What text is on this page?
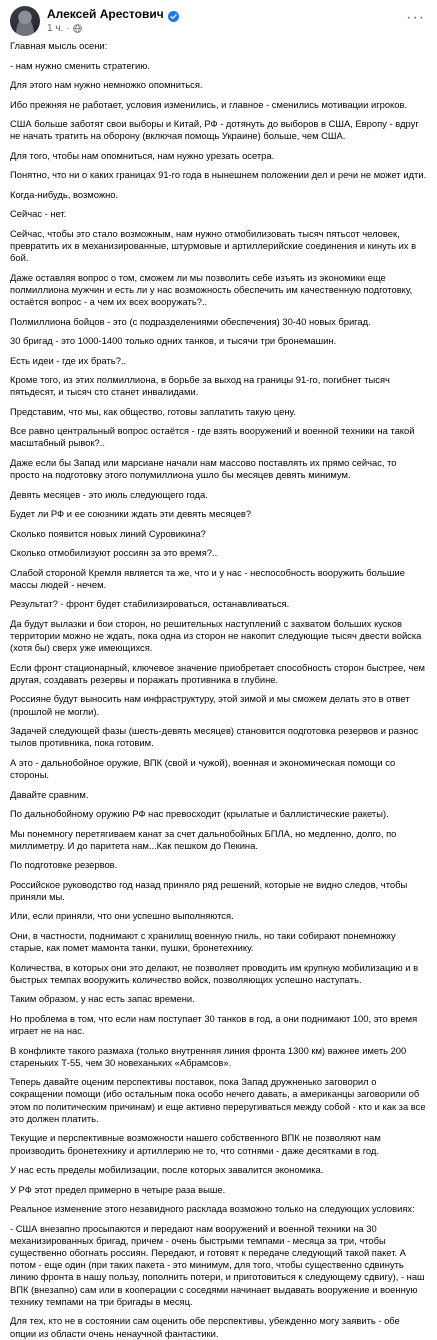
Алексей Арестович
1 ч. ·
···

Главная мысль осени:

- нам нужно сменить стратегию.

Для этого нам нужно немножко опомниться.

Ибо прежняя не работает, условия изменились, и главное - сменились мотивации игроков.

США больше заботят свои выборы и Китай, РФ - дотянуть до выборов в США, Европу - вдруг не начать тратить на оборону (включая помощь Украине) больше, чем США.

Для того, чтобы нам опомниться, нам нужно урезать осетра.

Понятно, что ни о каких границах 91-го года в нынешнем положении дел и речи не может идти.

Когда-нибудь, возможно.

Сейчас - нет.

Сейчас, чтобы это стало возможным, нам нужно отмобилизовать тысяч пятьсот человек, превратить их в механизированные, штурмовые и артиллерийские соединения и кинуть их в бой.

Даже оставляя вопрос о том, сможем ли мы позволить себе изъять из экономики еще полмиллиона мужчин и есть ли у нас возможность обеспечить им качественную подготовку, остаётся вопрос - а чем их всех вооружать?..

Полмиллиона бойцов - это (с подразделениями обеспечения) 30-40 новых бригад.

30 бригад - это 1000-1400 только одних танков, и тысячи три бронемашин.

Есть идеи - где их брать?..

Кроме того, из этих полмиллиона, в борьбе за выход на границы 91-го, погибнет тысяч пятьдесят, и тысяч сто станет инвалидами.

Представим, что мы, как общество, готовы заплатить такую цену.

Все равно центральный вопрос остаётся - где взять вооружений и военной техники на такой масштабный рывок?..

Даже если бы Запад или марсиане начали нам массово поставлять их прямо сейчас, то просто на подготовку этого полумиллиона ушло бы месяцев девять минимум.

Девять месяцев - это июль следующего года.

Будет ли РФ и ее союзники ждать эти девять месяцев?

Сколько появится новых линий Суровикина?

Сколько отмобилизуют россиян за это время?..

Слабой стороной Кремля является та же, что и у нас - неспособность вооружить большие массы людей - нечем.

Результат? - фронт будет стабилизироваться, останавливаться.

Да будут вылазки и бои сторон, но решительных наступлений с захватом больших кусков территории можно не ждать, пока одна из сторон не накопит следующие тысяч двести войска (хотя бы) сверх уже имеющихся.

Если фронт стационарный, ключевое значение приобретает способность сторон быстрее, чем другая, создавать резервы и поражать противника в глубине.

Россияне будут выносить нам инфраструктуру, этой зимой и мы сможем делать это в ответ (прошлой не могли).

Задачей следующей фазы (шесть-девять месяцев) становится подготовка резервов и разнос тылов противника, пока готовим.

А это - дальнобойное оружие, ВПК (свой и чужой), военная и экономическая помощи со стороны.

Давайте сравним.

По дальнобойному оружию РФ нас превосходит (крылатые и баллистические ракеты).

Мы понемногу перетягиваем канат за счет дальнобойных БПЛА, но медленно, долго, по миллиметру. И до паритета нам...Как пешком до Пекина.

По подготовке резервов.

Российское руководство год назад приняло ряд решений, которые не видно следов, чтобы приняли мы.

Или, если приняли, что они успешно выполняются.

Они, в частности, поднимают с хранилищ военную гниль, но таки собирают понемножку старые, как помет мамонта танки, пушки, бронетехнику.

Количества, в которых они это делают, не позволяет проводить им крупную мобилизацию и в быстрых темпах вооружить количество войск, позволяющих успешно наступать.

Таким образом, у нас есть запас времени.

Но проблема в том, что если нам поступает 30 танков в год, а они поднимают 100, это время играет не на нас.

В конфликте такого размаха (только внутренняя линия фронта 1300 км) важнее иметь 200 стареньких Т-55, чем 30 новеханьких «Абрамсов».

Теперь давайте оценим перспективы поставок, пока Запад дружненько заговорил о сокращении помощи (ибо остальным пока особо нечего давать, а американцы заговорили об этом по политическим причинам) и еще активно переругиваться между собой - кто и как за все это должен платить.

Текущие и перспективные возможности нашего собственного ВПК не позволяют нам производить бронетехнику и артиллерию не то, что сотнями - даже десятками в год.

У нас есть пределы мобилизации, после которых завалится экономика.

У РФ этот предел примерно в четыре раза выше.

Реальное изменение этого незавидного расклада возможно только на следующих условиях:

- США внезапно просыпаются и передают нам вооружений и военной техники на 30 механизированных бригад, причем - очень быстрыми темпами - месяца за три, чтобы существенно обогнать россиян. Передают, и готовят к передаче следующий такой пакет. А потом - еще один (при таких пакета - это минимум, для того, чтобы существенно сдвинуть линию фронта в нашу пользу, пополнить потери, и приготовиться к следующему сдвигу), - наш ВПК (внезапно) сам или в кооперации с соседями начинает выдавать вооружение и военную технику темпами на три бригады в месяц.

Для тех, кто не в состоянии сам оценить обе перспективы, убежденно могу заявить - обе опции из области очень ненаучной фантастики.
